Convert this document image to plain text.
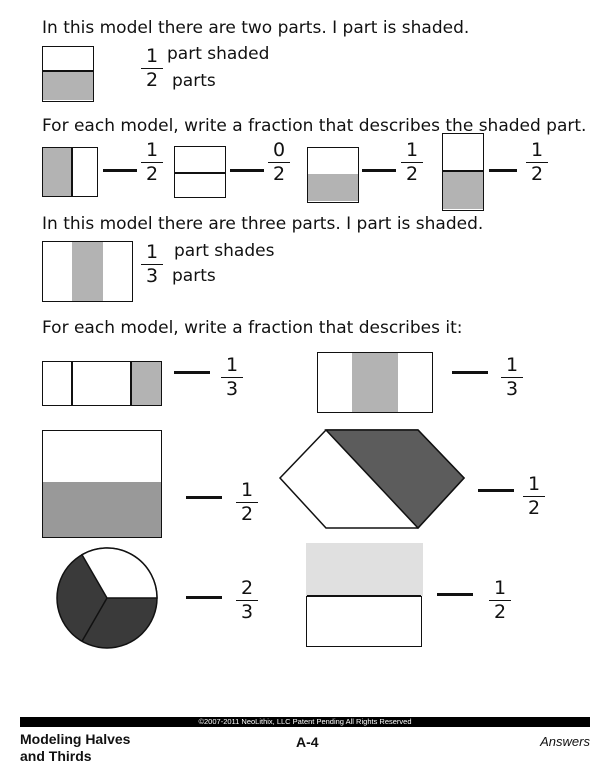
In this model there are two parts. I part is shaded.
$\frac{1}{2}$ part shaded
parts
For each model, write a fraction that describes the shaded part.
$\frac{1}{2}$	$\frac{0}{2}$	$\frac{1}{2}$	$\frac{1}{2}$
In this model there are three parts. I part is shaded.
$\frac{1}{3}$ part shades
parts
For each model, write a fraction that describes it:
$\frac{1}{3}$	$\frac{1}{3}$
$\frac{1}{2}$	$\frac{1}{2}$
$\frac{2}{3}$	$\frac{1}{2}$
©2007-2011 NeoLithix, LLC Patent Pending All Rights Reserved
Modeling Halves
and Thirds
A-4	Answers
